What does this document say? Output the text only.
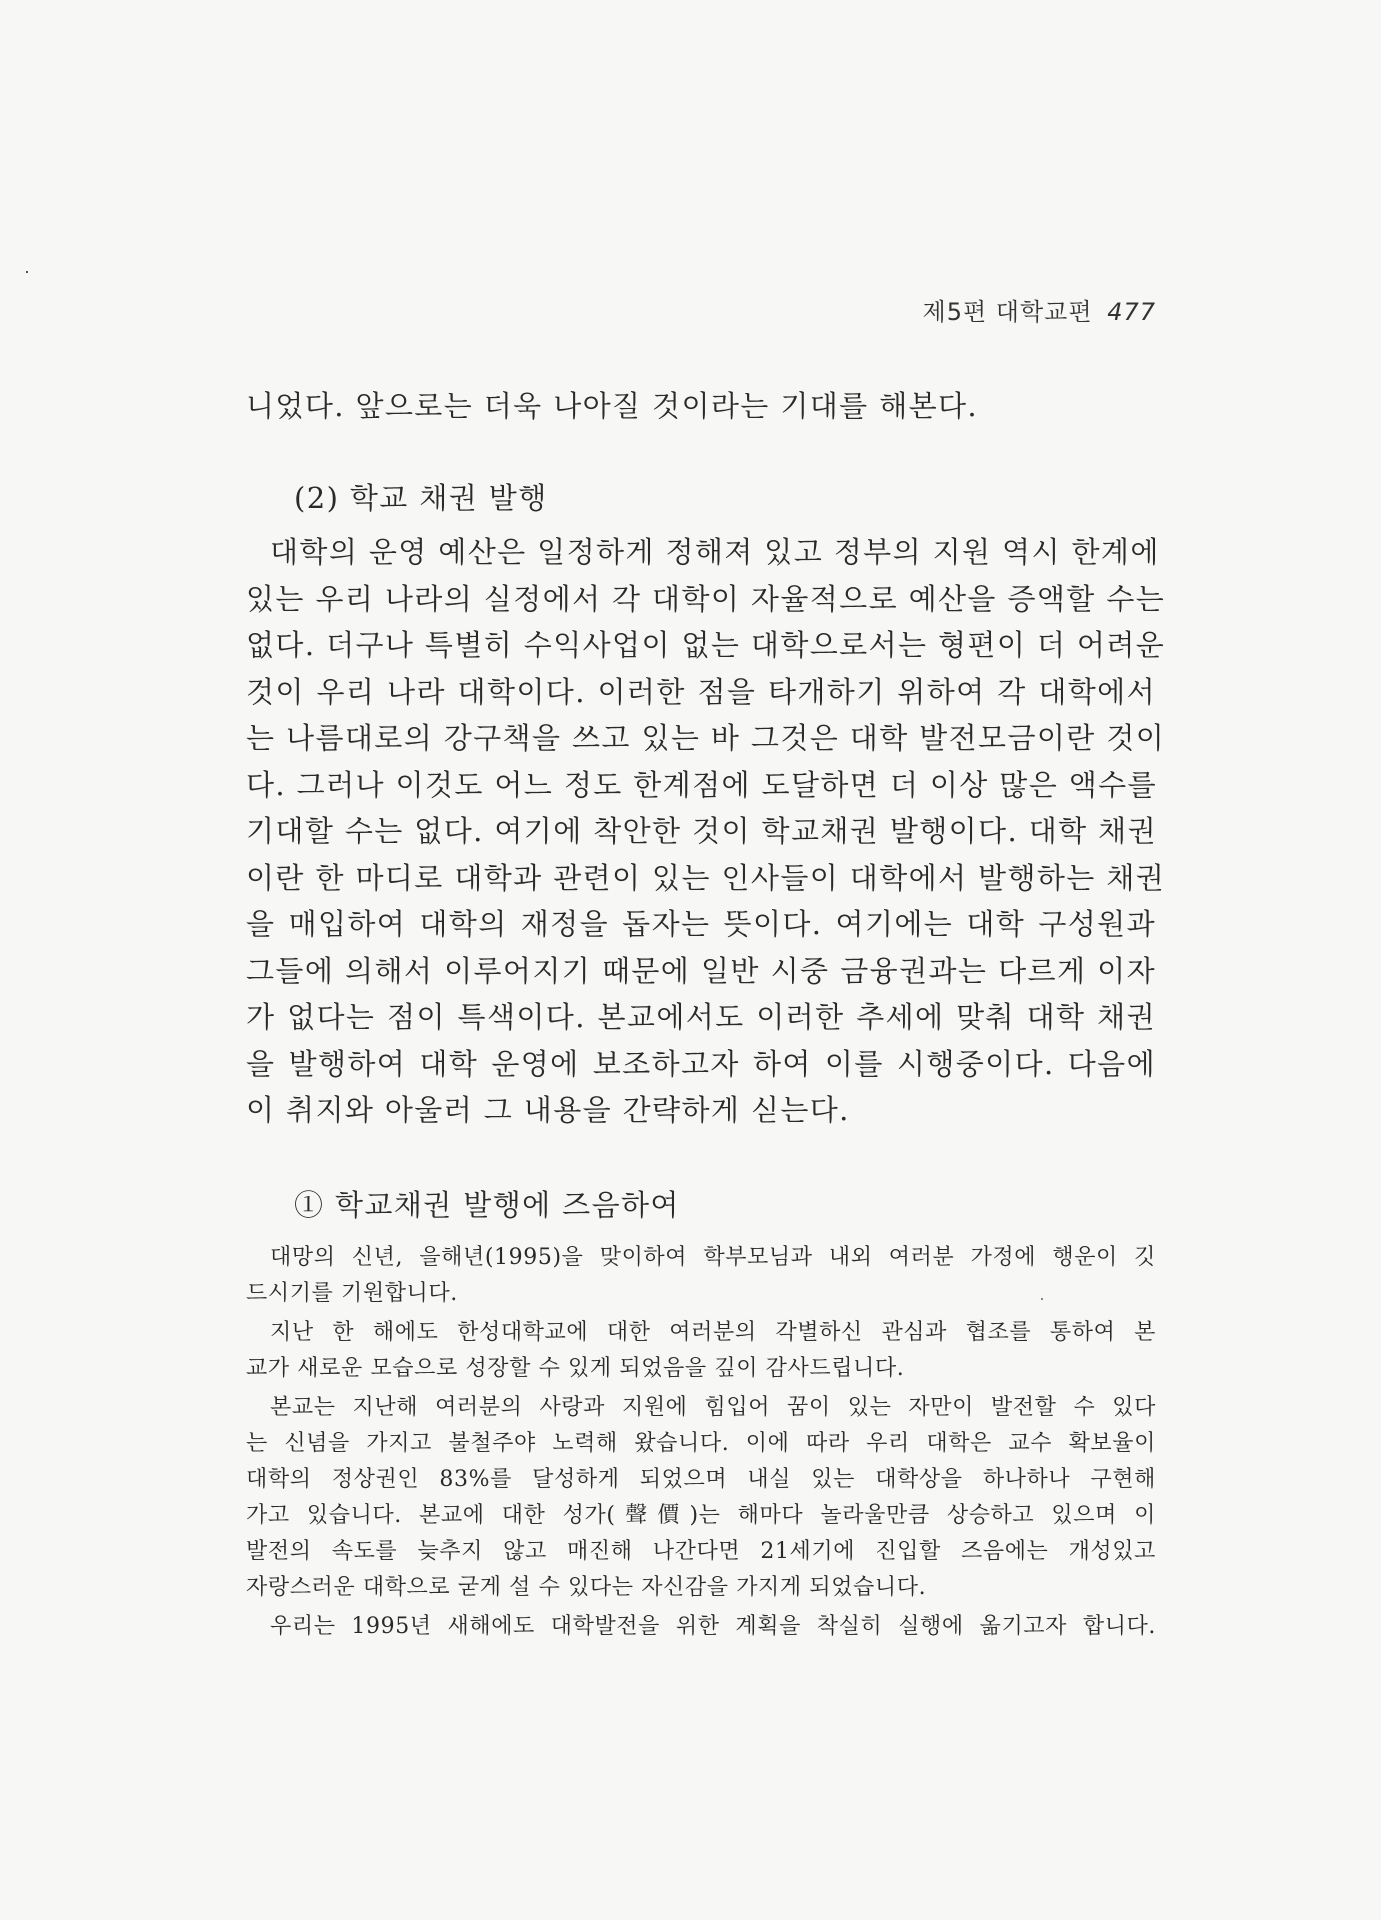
제5편 대학교편 477
니었다. 앞으로는 더욱 나아질 것이라는 기대를 해본다.
(2) 학교 채권 발행
대학의 운영 예산은 일정하게 정해져 있고 정부의 지원 역시 한계에
있는 우리 나라의 실정에서 각 대학이 자율적으로 예산을 증액할 수는
없다. 더구나 특별히 수익사업이 없는 대학으로서는 형편이 더 어려운
것이 우리 나라 대학이다. 이러한 점을 타개하기 위하여 각 대학에서
는 나름대로의 강구책을 쓰고 있는 바 그것은 대학 발전모금이란 것이
다. 그러나 이것도 어느 정도 한계점에 도달하면 더 이상 많은 액수를
기대할 수는 없다. 여기에 착안한 것이 학교채권 발행이다. 대학 채권
이란 한 마디로 대학과 관련이 있는 인사들이 대학에서 발행하는 채권
을 매입하여 대학의 재정을 돕자는 뜻이다. 여기에는 대학 구성원과
그들에 의해서 이루어지기 때문에 일반 시중 금융권과는 다르게 이자
가 없다는 점이 특색이다. 본교에서도 이러한 추세에 맞춰 대학 채권
을 발행하여 대학 운영에 보조하고자 하여 이를 시행중이다. 다음에
이 취지와 아울러 그 내용을 간략하게 싣는다.
① 학교채권 발행에 즈음하여
대망의 신년, 을해년(1995)을 맞이하여 학부모님과 내외 여러분 가정에 행운이 깃
드시기를 기원합니다.
지난 한 해에도 한성대학교에 대한 여러분의 각별하신 관심과 협조를 통하여 본
교가 새로운 모습으로 성장할 수 있게 되었음을 깊이 감사드립니다.
본교는 지난해 여러분의 사랑과 지원에 힘입어 꿈이 있는 자만이 발전할 수 있다
는 신념을 가지고 불철주야 노력해 왔습니다. 이에 따라 우리 대학은 교수 확보율이
대학의 정상권인 83%를 달성하게 되었으며 내실 있는 대학상을 하나하나 구현해
가고 있습니다. 본교에 대한 성가(聲價)는 해마다 놀라울만큼 상승하고 있으며 이
발전의 속도를 늦추지 않고 매진해 나간다면 21세기에 진입할 즈음에는 개성있고
자랑스러운 대학으로 굳게 설 수 있다는 자신감을 가지게 되었습니다.
우리는 1995년 새해에도 대학발전을 위한 계획을 착실히 실행에 옮기고자 합니다.
